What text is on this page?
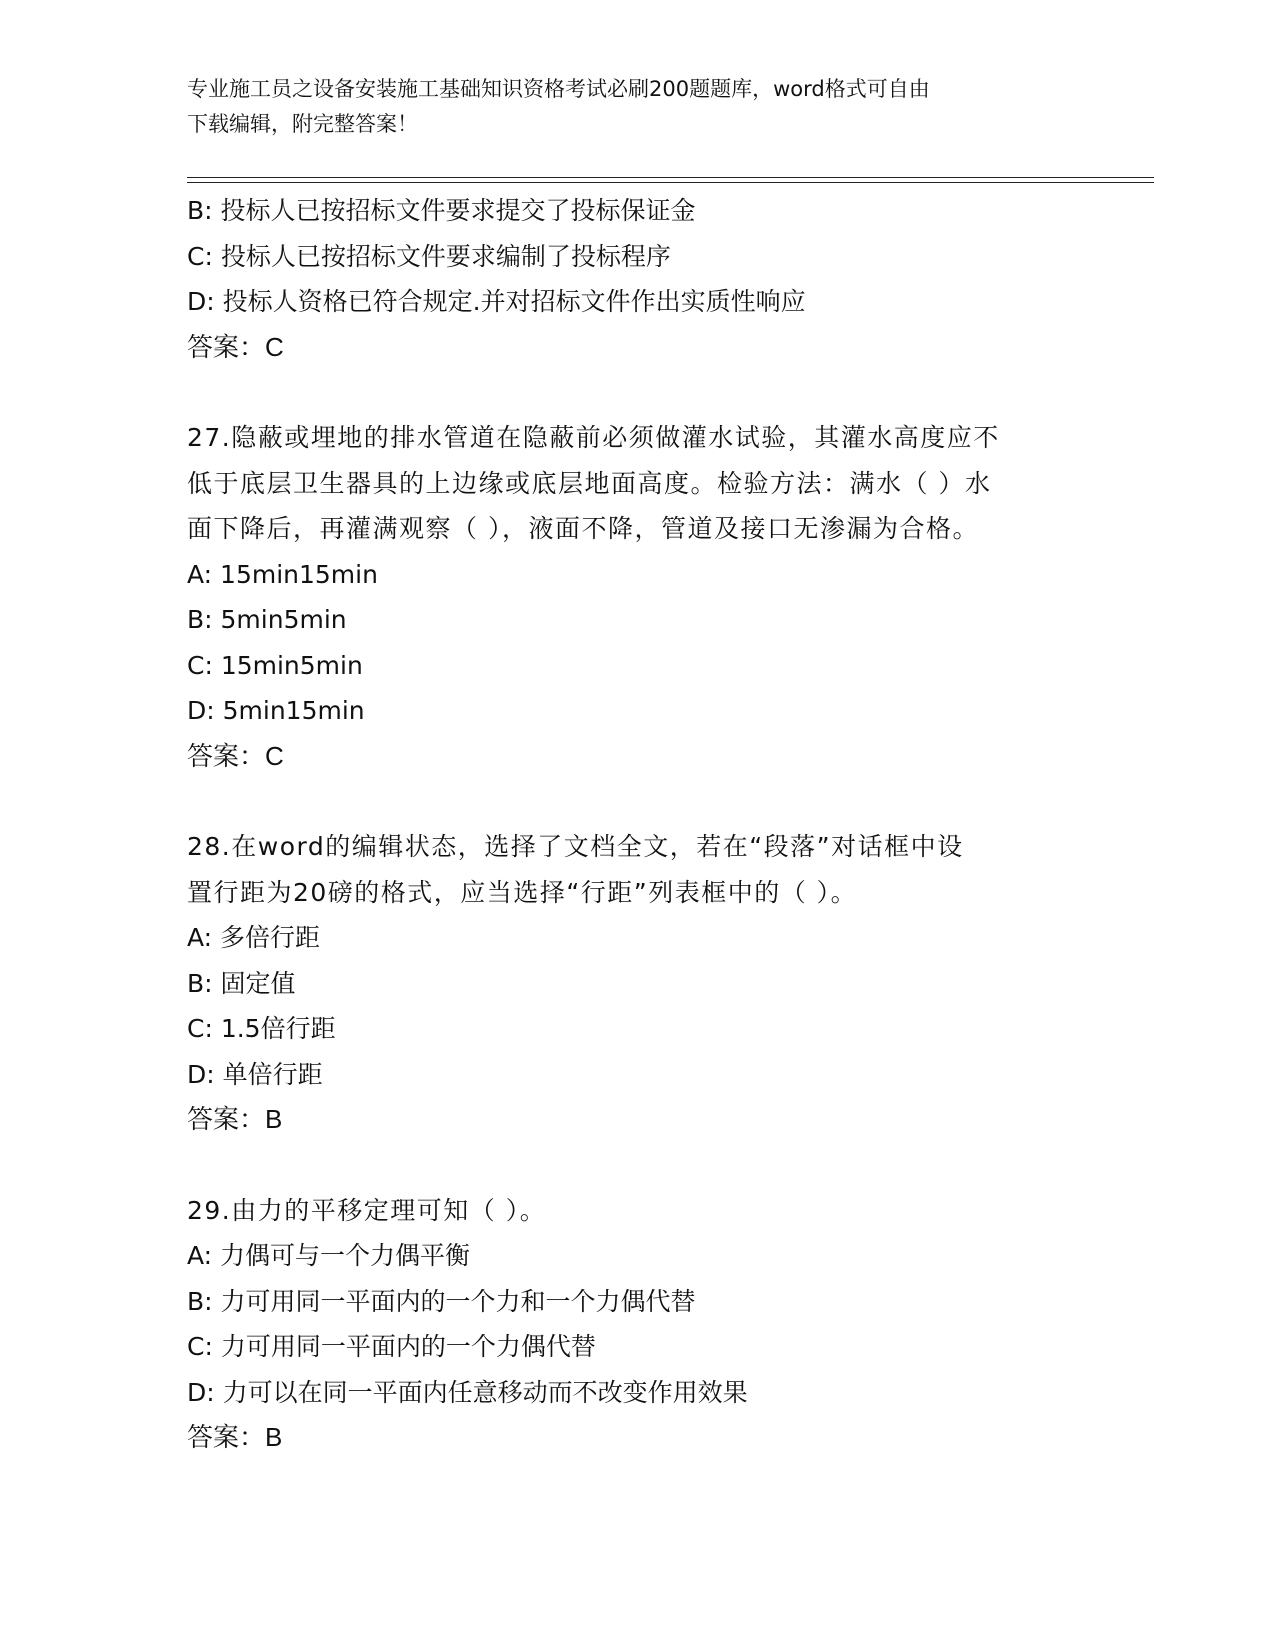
专业施工员之设备安装施工基础知识资格考试必刷200题题库，word格式可自由
下载编辑，附完整答案！
B: 投标人已按招标文件要求提交了投标保证金
C: 投标人已按招标文件要求编制了投标程序
D: 投标人资格已符合规定.并对招标文件作出实质性响应
答案：C
27.隐蔽或埋地的排水管道在隐蔽前必须做灌水试验，其灌水高度应不
低于底层卫生器具的上边缘或底层地面高度。检验方法：满水（ ）水
面下降后，再灌满观察（ ），液面不降，管道及接口无渗漏为合格。
A: 15min15min
B: 5min5min
C: 15min5min
D: 5min15min
答案：C
28.在word的编辑状态，选择了文档全文，若在“段落”对话框中设
置行距为20磅的格式，应当选择“行距”列表框中的（ ）。
A: 多倍行距
B: 固定值
C: 1.5倍行距
D: 单倍行距
答案：B
29.由力的平移定理可知（ ）。
A: 力偶可与一个力偶平衡
B: 力可用同一平面内的一个力和一个力偶代替
C: 力可用同一平面内的一个力偶代替
D: 力可以在同一平面内任意移动而不改变作用效果
答案：B
